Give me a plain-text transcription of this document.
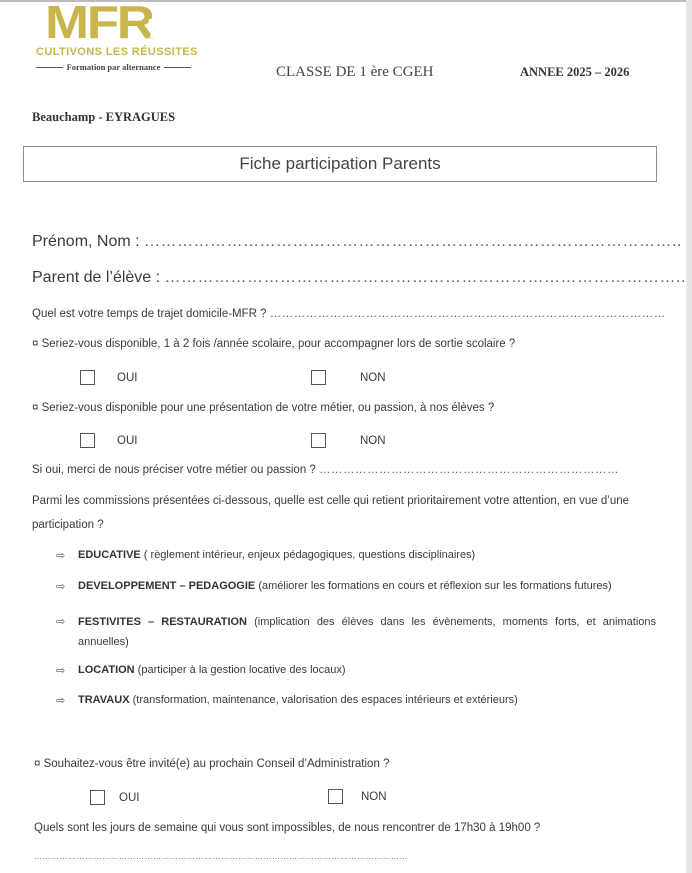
MFR
CULTIVONS LES RÉUSSITES
Formation par alternance	CLASSE DE 1 ère CGEH	ANNEE 2025 – 2026
Beauchamp - EYRAGUES
Fiche participation Parents
Prénom, Nom : ……………………………………………………………………………………..
Parent de l’élève : …………………………………………………………………………………..
Quel est votre temps de trajet domicile-MFR ? ………………………………………………………………………………………
¤ Seriez-vous disponible, 1 à 2 fois /année scolaire, pour accompagner lors de sortie scolaire ?
OUI	NON
¤ Seriez-vous disponible pour une présentation de votre métier, ou passion, à nos élèves ?
OUI	NON
Si oui, merci de nous préciser votre métier ou passion ? …………………………………………………………………
Parmi les commissions présentées ci-dessous, quelle est celle qui retient prioritairement votre attention, en vue d’une participation ?
⇨	EDUCATIVE ( règlement intérieur, enjeux pédagogiques, questions disciplinaires)
⇨	DEVELOPPEMENT – PEDAGOGIE (améliorer les formations en cours et réflexion sur les formations futures)
⇨	FESTIVITES – RESTAURATION (implication des élèves dans les évènements, moments forts, et animations annuelles)
⇨	LOCATION (participer à la gestion locative des locaux)
⇨	TRAVAUX (transformation, maintenance, valorisation des espaces intérieurs et extérieurs)
¤ Souhaitez-vous être invité(e) au prochain Conseil d’Administration ?
OUI	NON
Quels sont les jours de semaine qui vous sont impossibles, de nous rencontrer de 17h30 à 19h00 ?
……………………………………………………………………………………………………………………
